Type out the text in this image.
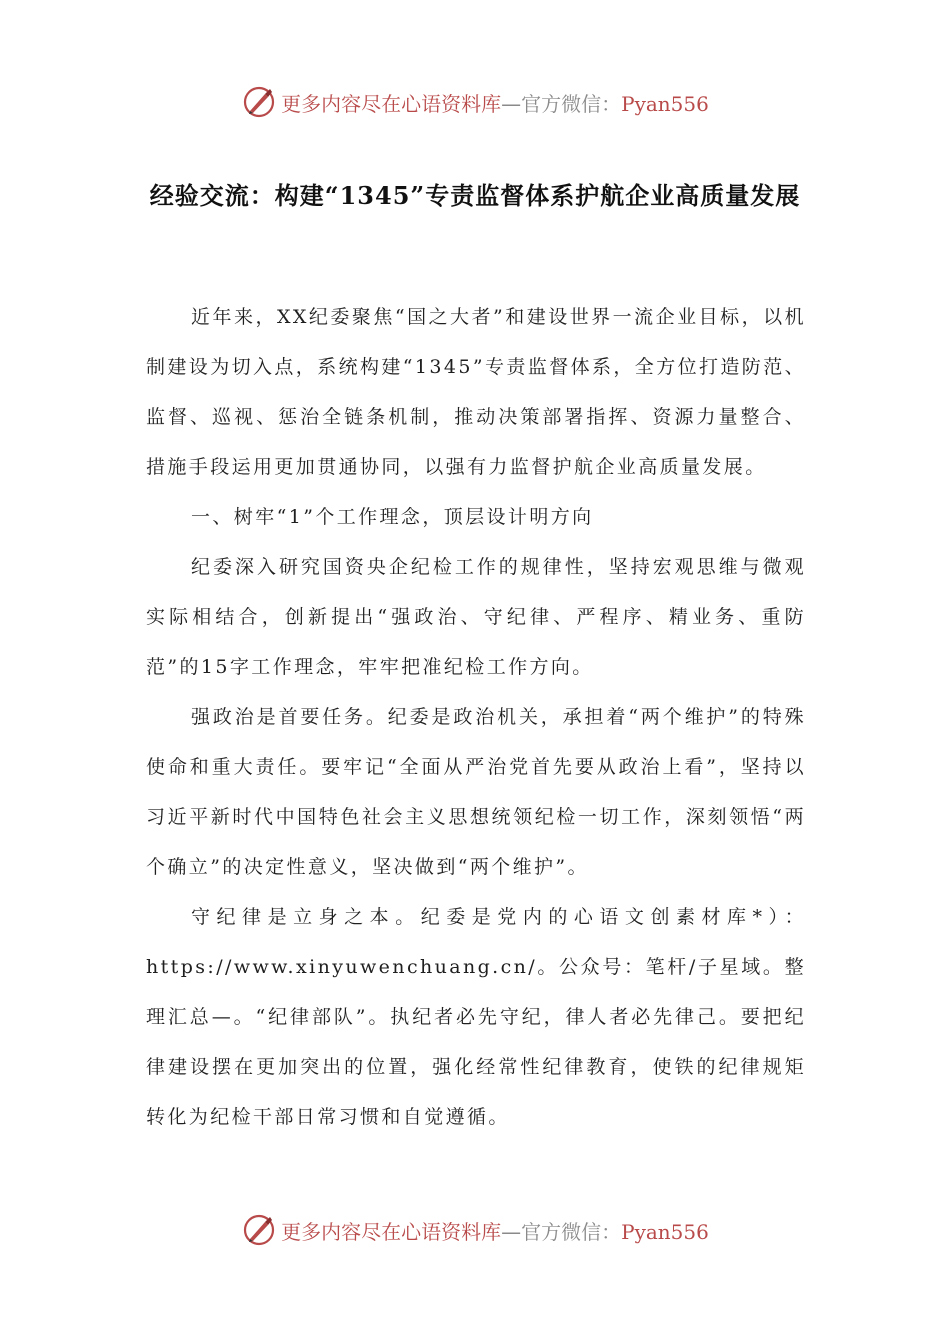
更多内容尽在心语资料库—官方微信：Pyan556
经验交流：构建“1345”专责监督体系护航企业高质量发展

近年来，XX纪委聚焦“国之大者”和建设世界一流企业目标，以机制建设为切入点，系统构建“1345”专责监督体系，全方位打造防范、监督、巡视、惩治全链条机制，推动决策部署指挥、资源力量整合、措施手段运用更加贯通协同，以强有力监督护航企业高质量发展。

一、树牢“1”个工作理念，顶层设计明方向

纪委深入研究国资央企纪检工作的规律性，坚持宏观思维与微观实际相结合，创新提出“强政治、守纪律、严程序、精业务、重防范”的15字工作理念，牢牢把准纪检工作方向。

强政治是首要任务。纪委是政治机关，承担着“两个维护”的特殊使命和重大责任。要牢记“全面从严治党首先要从政治上看”，坚持以习近平新时代中国特色社会主义思想统领纪检一切工作，深刻领悟“两个确立”的决定性意义，坚决做到“两个维护”。

守纪律是立身之本。纪委是党内的心语文创素材库*）：https://www.xinyuwenchuang.cn/。公众号：笔杆/子星域。整理汇总—。“纪律部队”。执纪者必先守纪，律人者必先律己。要把纪律建设摆在更加突出的位置，强化经常性纪律教育，使铁的纪律规矩转化为纪检干部日常习惯和自觉遵循。

更多内容尽在心语资料库—官方微信：Pyan556
